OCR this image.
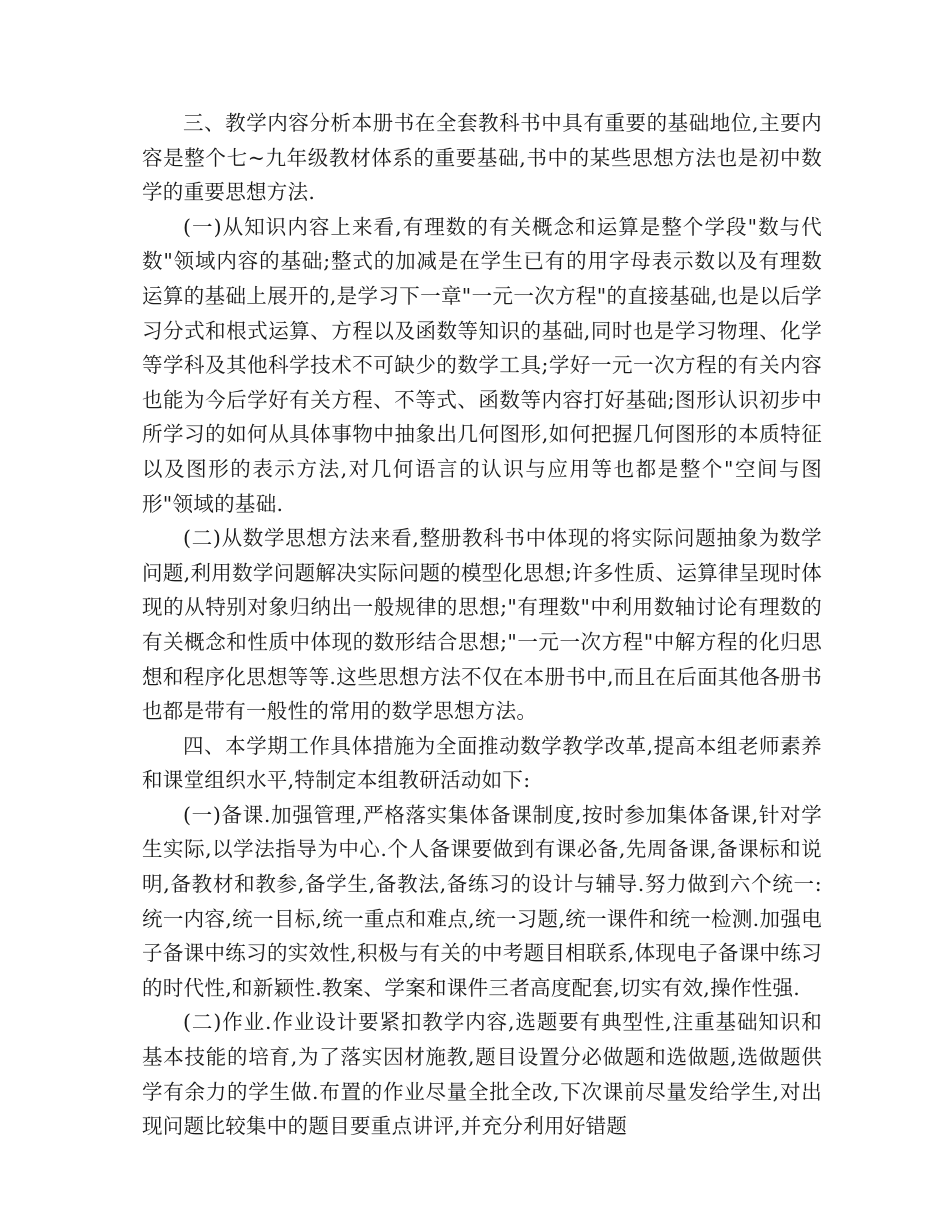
三、教学内容分析本册书在全套教科书中具有重要的基础地位,主要内容是整个七~九年级教材体系的重要基础,书中的某些思想方法也是初中数学的重要思想方法.

(一)从知识内容上来看,有理数的有关概念和运算是整个学段"数与代数"领域内容的基础;整式的加减是在学生已有的用字母表示数以及有理数运算的基础上展开的,是学习下一章"一元一次方程"的直接基础,也是以后学习分式和根式运算、方程以及函数等知识的基础,同时也是学习物理、化学等学科及其他科学技术不可缺少的数学工具;学好一元一次方程的有关内容也能为今后学好有关方程、不等式、函数等内容打好基础;图形认识初步中所学习的如何从具体事物中抽象出几何图形,如何把握几何图形的本质特征以及图形的表示方法,对几何语言的认识与应用等也都是整个"空间与图形"领域的基础.

(二)从数学思想方法来看,整册教科书中体现的将实际问题抽象为数学问题,利用数学问题解决实际问题的模型化思想;许多性质、运算律呈现时体现的从特别对象归纳出一般规律的思想;"有理数"中利用数轴讨论有理数的有关概念和性质中体现的数形结合思想;"一元一次方程"中解方程的化归思想和程序化思想等等.这些思想方法不仅在本册书中,而且在后面其他各册书也都是带有一般性的常用的数学思想方法。

四、本学期工作具体措施为全面推动数学教学改革,提高本组老师素养和课堂组织水平,特制定本组教研活动如下:

(一)备课.加强管理,严格落实集体备课制度,按时参加集体备课,针对学生实际,以学法指导为中心.个人备课要做到有课必备,先周备课,备课标和说明,备教材和教参,备学生,备教法,备练习的设计与辅导.努力做到六个统一:统一内容,统一目标,统一重点和难点,统一习题,统一课件和统一检测.加强电子备课中练习的实效性,积极与有关的中考题目相联系,体现电子备课中练习的时代性,和新颖性.教案、学案和课件三者高度配套,切实有效,操作性强.

(二)作业.作业设计要紧扣教学内容,选题要有典型性,注重基础知识和基本技能的培育,为了落实因材施教,题目设置分必做题和选做题,选做题供学有余力的学生做.布置的作业尽量全批全改,下次课前尽量发给学生,对出现问题比较集中的题目要重点讲评,并充分利用好错题
